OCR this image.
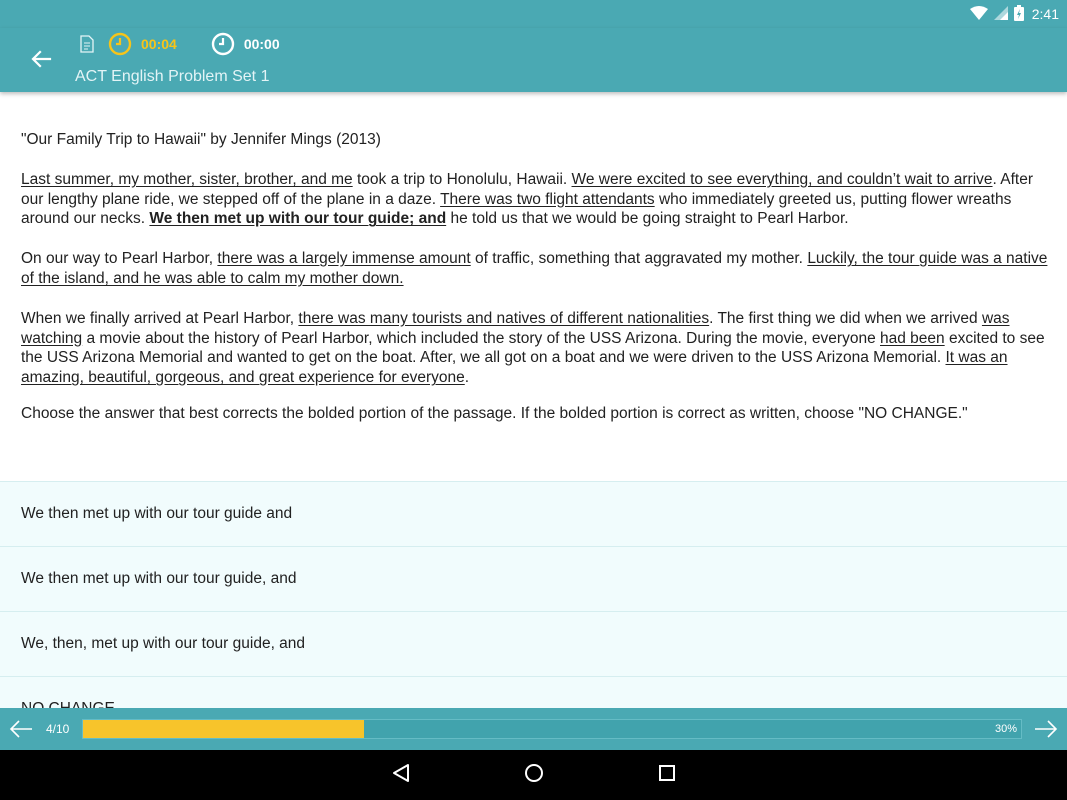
2:41
00:04	00:00
ACT English Problem Set 1

"Our Family Trip to Hawaii" by Jennifer Mings (2013)

Last summer, my mother, sister, brother, and me took a trip to Honolulu, Hawaii. We were excited to see everything, and couldn’t wait to arrive. After our lengthy plane ride, we stepped off of the plane in a daze. There was two flight attendants who immediately greeted us, putting flower wreaths around our necks. We then met up with our tour guide; and he told us that we would be going straight to Pearl Harbor.

On our way to Pearl Harbor, there was a largely immense amount of traffic, something that aggravated my mother. Luckily, the tour guide was a native of the island, and he was able to calm my mother down.

When we finally arrived at Pearl Harbor, there was many tourists and natives of different nationalities. The first thing we did when we arrived was watching a movie about the history of Pearl Harbor, which included the story of the USS Arizona. During the movie, everyone had been excited to see the USS Arizona Memorial and wanted to get on the boat. After, we all got on a boat and we were driven to the USS Arizona Memorial. It was an amazing, beautiful, gorgeous, and great experience for everyone.

Choose the answer that best corrects the bolded portion of the passage. If the bolded portion is correct as written, choose "NO CHANGE."

We then met up with our tour guide and
We then met up with our tour guide, and
We, then, met up with our tour guide, and
4/10	30%
